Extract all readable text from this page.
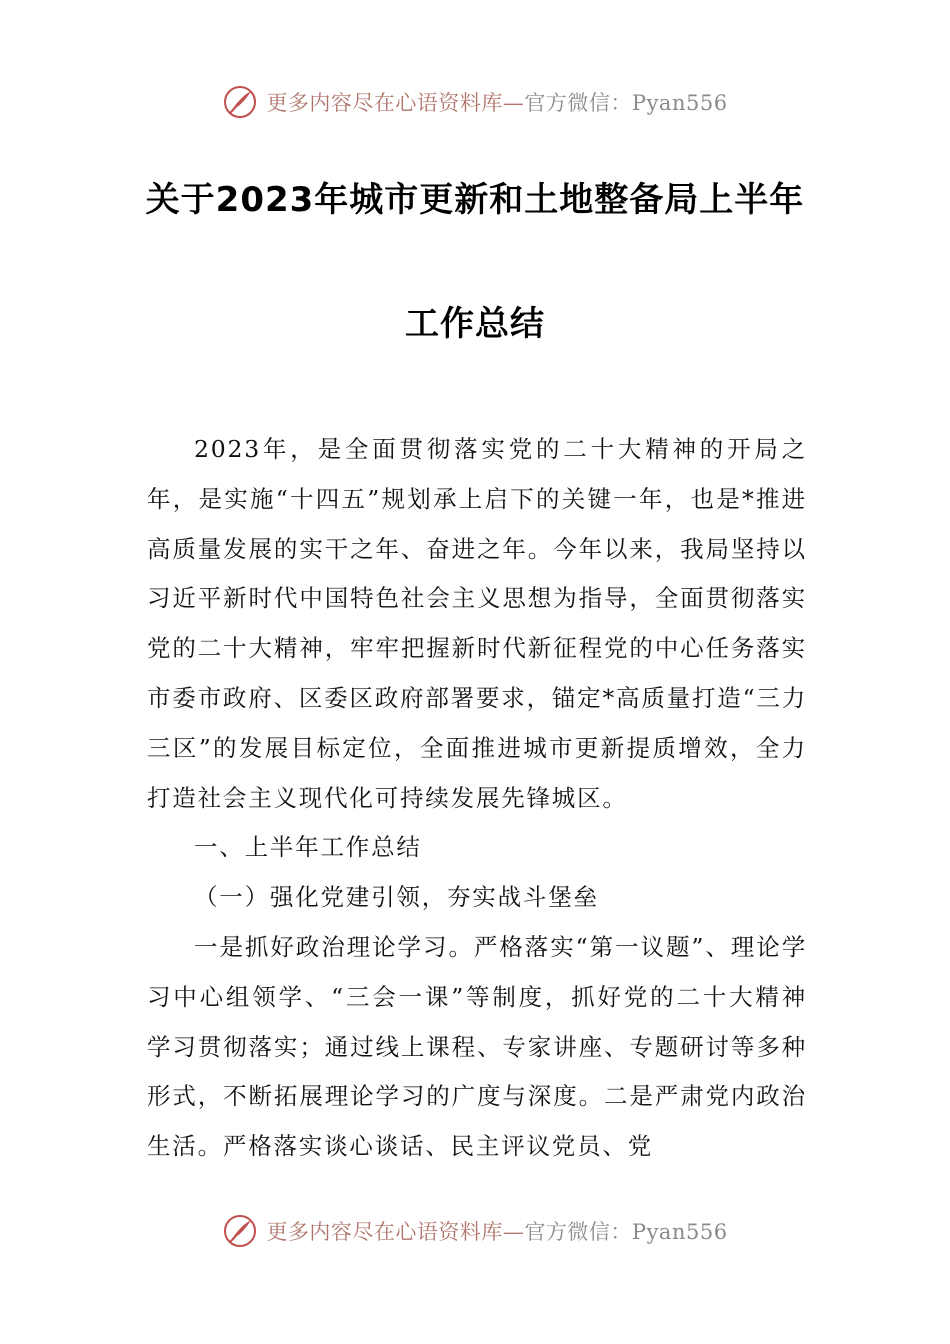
更多内容尽在心语资料库—官方微信：Pyan556
关于2023年城市更新和土地整备局上半年
工作总结

2023年，是全面贯彻落实党的二十大精神的开局之年，是实施“十四五”规划承上启下的关键一年，也是*推进高质量发展的实干之年、奋进之年。今年以来，我局坚持以习近平新时代中国特色社会主义思想为指导，全面贯彻落实党的二十大精神，牢牢把握新时代新征程党的中心任务落实市委市政府、区委区政府部署要求，锚定*高质量打造“三力三区”的发展目标定位，全面推进城市更新提质增效，全力打造社会主义现代化可持续发展先锋城区。

一、上半年工作总结

（一）强化党建引领，夯实战斗堡垒

一是抓好政治理论学习。严格落实“第一议题”、理论学习中心组领学、“三会一课”等制度，抓好党的二十大精神学习贯彻落实；通过线上课程、专家讲座、专题研讨等多种形式，不断拓展理论学习的广度与深度。二是严肃党内政治生活。严格落实谈心谈话、民主评议党员、党

更多内容尽在心语资料库—官方微信：Pyan556
